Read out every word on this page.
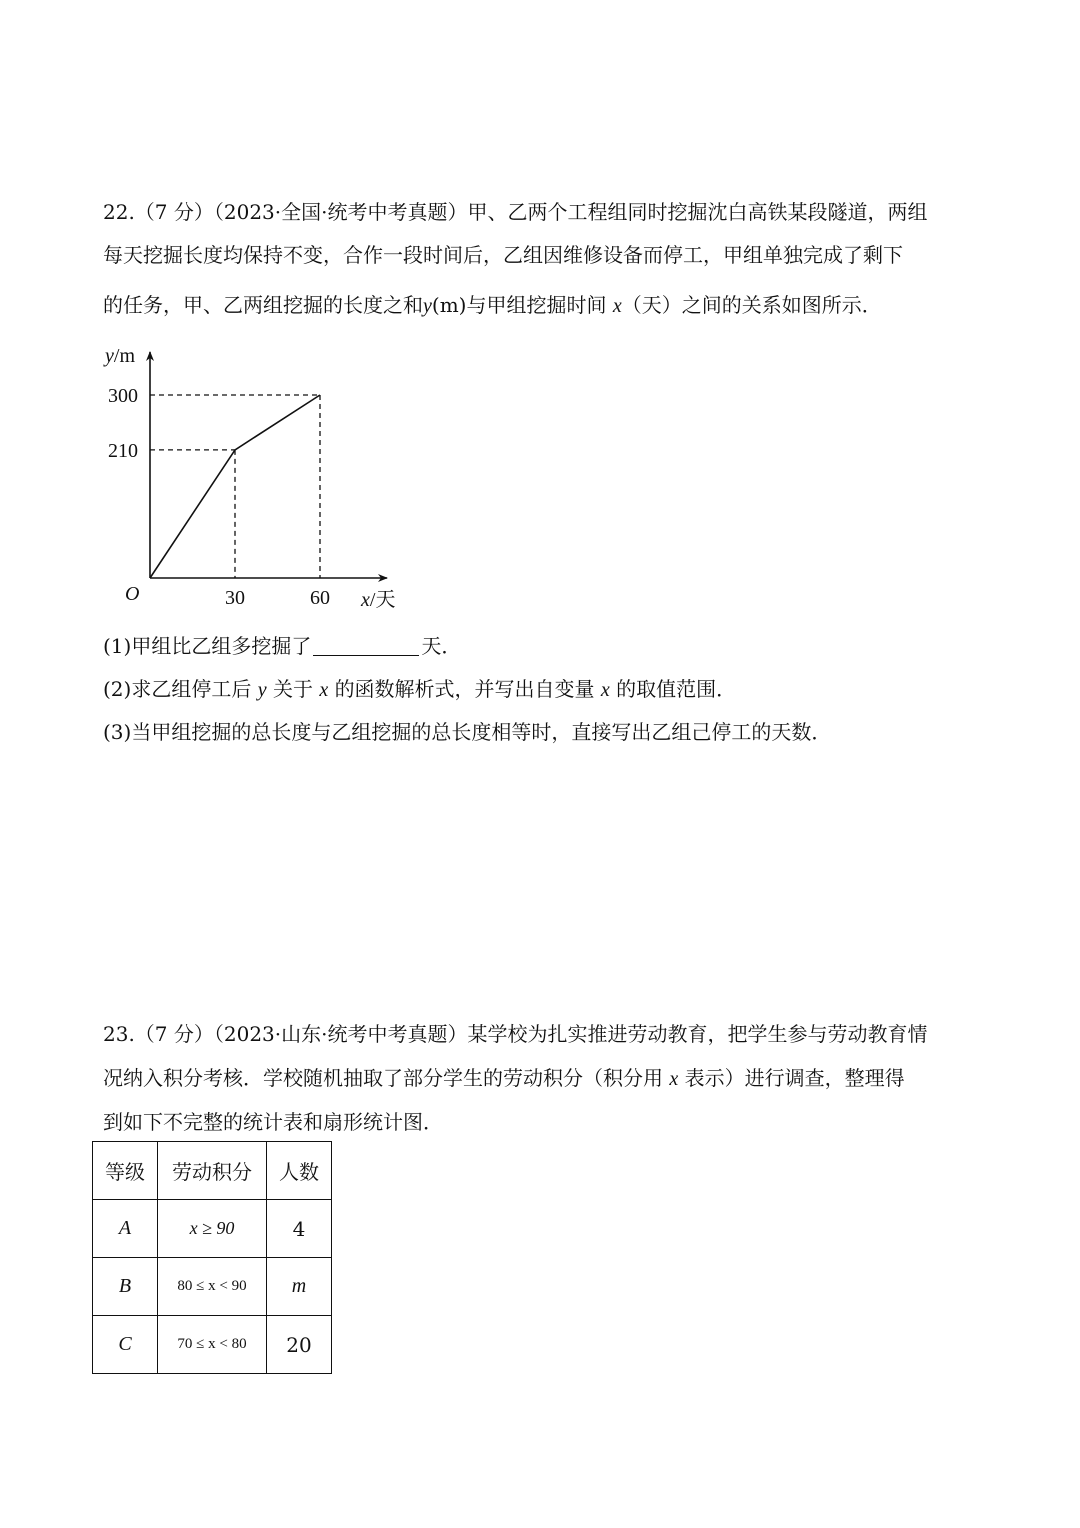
22.（7 分）（2023·全国·统考中考真题）甲、乙两个工程组同时挖掘沈白高铁某段隧道，两组
每天挖掘长度均保持不变，合作一段时间后，乙组因维修设备而停工，甲组单独完成了剩下
的任务，甲、乙两组挖掘的长度之和y(m)与甲组挖掘时间 x（天）之间的关系如图所示．
y/m
O	x/天
30	60
300
210
(1)甲组比乙组多挖掘了	天．
(2)求乙组停工后 y 关于 x 的函数解析式，并写出自变量 x 的取值范围．
(3)当甲组挖掘的总长度与乙组挖掘的总长度相等时，直接写出乙组己停工的天数．
23.（7 分）（2023·山东·统考中考真题）某学校为扎实推进劳动教育，把学生参与劳动教育情
况纳入积分考核．学校随机抽取了部分学生的劳动积分（积分用 x 表示）进行调查，整理得
到如下不完整的统计表和扇形统计图．
等级	劳动积分	人数
A	x ≥ 90	4
B	80 ≤ x < 90	m
C	70 ≤ x < 80	20
